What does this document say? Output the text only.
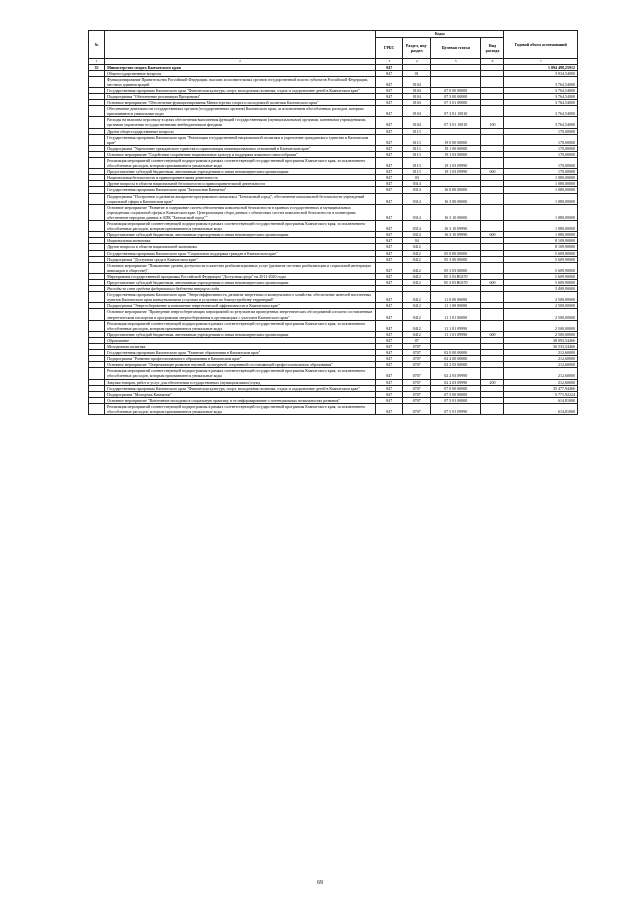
№		Коды				Годовой объем ассигнований
		ГРБС	Раздел, под-раздел	Целевая статья	Вид расхода	
1	2	3	4	5	6	7
35	Министерство спорта Камчатского края	847				1 094 498,25912
	Общегосударственные вопросы	847	01			3 934,54000
	Функционирование Правительства Российской Федерации, высших исполнительных органов государственной власти субъектов Российской Федерации, местных администраций	847	0104			3 764,54000
	Государственная программа Камчатского края "Физическая культура, спорт, молодежная политика, отдых и оздоровление детей в Камчатском крае"	847	0104	07 0 00 00000		3 764,54000
	Подпрограмма "Обеспечение реализации Программы"	847	0104	07 3 00 00000		3 764,54000
	Основное мероприятие "Обеспечение функционирования Министерства спорта и молодежной политики Камчатского края"	847	0104	07 3 01 00000		3 764,54000
	Обеспечение деятельности государственных органов (государственных органов) Камчатского края, за исключением обособленных расходов, которым присваиваются уникальные коды	847	0104	07 3 01 10010		3 764,54000
	Расходы на выплаты персоналу в целях обеспечения выполнения функций государственными (муниципальными) органами, казенными учреждениями, органами управления государственными внебюджетными фондами	847	0104	07 3 01 10010	100	3 764,54000
	Другие общегосударственные вопросы	847	0113			170,00000
	Государственная программа Камчатского края "Реализация государственной национальной политики и укрепление гражданского единства в Камчатском крае"	847	0113	19 0 00 00000		170,00000
	Подпрограмма "Укрепление гражданского единства и гармонизация межнациональных отношений в Камчатском крае"	847	0113	19 1 00 00000		170,00000
	Основное мероприятие "Содействие сохранению национальных культур и поддержка языкового многообразия"	847	0113	19 1 03 00000		170,00000
	Реализация мероприятий соответствующей подпрограммы в рамках соответствующей государственной программы Камчатского края, за исключением обособленных расходов, которым присваиваются уникальные коды	847	0113	19 1 03 09990		170,00000
	Предоставление субсидий бюджетным, автономным учреждениям и иным некоммерческим организациям	847	0113	19 1 03 09990	600	170,00000
	Национальная безопасность и правоохранительная деятельность	847	03			1 080,00000
	Другие вопросы в области национальной безопасности и правоохранительной деятельности	847	0314			1 080,00000
	Государственная программа Камчатского края "Безопасная Камчатка"	847	0314	16 0 00 00000		1 080,00000
	Подпрограмма "Построение и развитие аппаратно-программного комплекса "Безопасный город", обеспечение комплексной безопасности учреждений социальной сферы в Камчатском крае"	847	0314	16 3 00 00000		1 080,00000
	Основное мероприятие "Развитие и содержание систем обеспечения комплексной безопасности в краевых государственных и муниципальных учреждениях социальной сферы в Камчатском крае. Централизация сбора данных с объектовых систем комплексной безопасности и мониторинг, обеспечение передачи данных в АПК "Безопасный город""	847	0314	16 3 10 00000		1 080,00000
	Реализация мероприятий соответствующей подпрограммы в рамках соответствующей государственной программы Камчатского края, за исключением обособленных расходов, которым присваиваются уникальные коды	847	0314	16 3 10 09990		1 080,00000
	Предоставление субсидий бюджетным, автономным учреждениям и иным некоммерческим организациям	847	0314	16 3 10 09990	600	1 080,00000
	Национальная экономика	847	04			8 109,90000
	Другие вопросы в области национальной экономики	847	0412			8 109,90000
	Государственная программа Камчатского края "Социальная поддержка граждан в Камчатском крае"	847	0412	05 0 00 00000		5 609,90000
	Подпрограмма "Доступная среда в Камчатском крае"	847	0412	05 3 00 00000		5 609,90000
	Основное мероприятие "Повышение уровня доступности и качества реабилитационных услуг (развитие системы реабилитации и социальной интеграции инвалидов в обществе)"	847	0412	05 3 03 00000		5 609,90000
	Мероприятия государственной программы Российской Федерации "Доступная среда" на 2011-2020 годы	847	0412	05 3 03 R0270		5 609,90000
	Предоставление субсидий бюджетным, автономным учреждениям и иным некоммерческим организациям	847	0412	05 3 03 R0270	600	5 609,90000
	Расходы за счет средств федерального бюджета текущего года					3 409,90000
	Государственная программа Камчатского края "Энергоэффективность, развитие энергетики и коммунального хозяйства, обеспечение жителей населенных пунктов Камчатского края коммунальными услугами и услугами по благоустройству территорий"	847	0412	11 0 00 00000		2 500,00000
	Подпрограмма "Энергосбережение и повышение энергетической эффективности в Камчатском крае"	847	0412	11 1 00 00000		2 500,00000
	Основное мероприятие "Проведение энергосберегающих мероприятий по результатам проведенных энергетических обследований согласно составленным энергетическим паспортам и программам энергосбережения в организациях с участием Камчатского края"	847	0412	11 1 01 00000		2 500,00000
	Реализация мероприятий соответствующей подпрограммы в рамках соответствующей государственной программы Камчатского края, за исключением обособленных расходов, которым присваиваются уникальные коды	847	0412	11 1 01 09990		2 500,00000
	Предоставление субсидий бюджетным, автономным учреждениям и иным некоммерческим организациям	847	0412	11 1 01 09990	600	2 500,00000
	Образование	847	07			38 093,54466
	Молодежная политика	847	0707			36 533,54466
	Государственная программа Камчатского края "Развитие образования в Камчатском крае"	847	0707	02 0 00 00000		212,60000
	Подпрограмма "Развитие профессионального образования в Камчатском крае"	847	0707	02 2 00 00000		212,60000
	Основное мероприятие "Опережающее развитие научной, культурной, спортивной составляющей профессионального образования"	847	0707	02 2 03 00000		212,60000
	Реализация мероприятий соответствующей подпрограммы в рамках соответствующей государственной программы Камчатского края, за исключением обособленных расходов, которым присваиваются уникальные коды	847	0707	02 2 03 09990		212,60000
	Закупка товаров, работ и услуг для обеспечения государственных (муниципальных) нужд	847	0707	02 2 03 09990	200	212,60000
	Государственная программа Камчатского края "Физическая культура, спорт, молодежная политика, отдых и оздоровление детей в Камчатском крае"	847	0707	07 0 00 00000		35 477,94466
	Подпрограмма "Молодежь Камчатки"	847	0707	07 5 00 00000		5 771,92224
	Основное мероприятие "Вовлечение молодежи в социальную практику и ее информирование о потенциальных возможностях развития"	847	0707	07 5 01 00000		614,81000
	Реализация мероприятий соответствующей подпрограммы в рамках соответствующей государственной программы Камчатского края, за исключением обособленных расходов, которым присваиваются уникальные коды	847	0707	07 5 01 09990		614,81000
69
